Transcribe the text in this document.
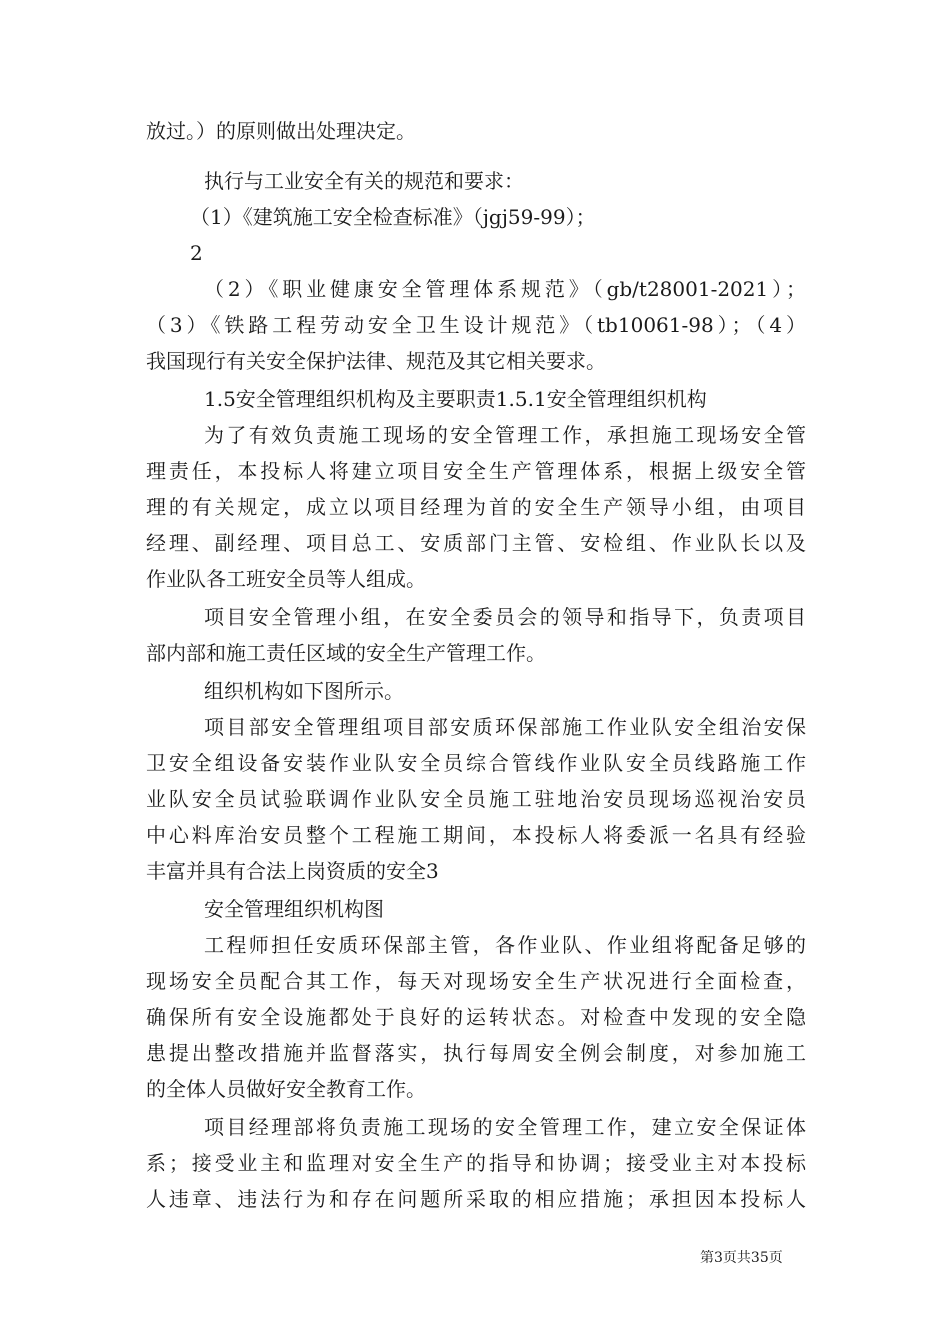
放过。）的原则做出处理决定。
执行与工业安全有关的规范和要求：
（1）《建筑施工安全检查标准》（jgj59-99）；
2
（2）《职业健康安全管理体系规范》（gb/t28001-2021）；
（3）《铁路工程劳动安全卫生设计规范》（tb10061-98）；（4）
我国现行有关安全保护法律、规范及其它相关要求。
1.5安全管理组织机构及主要职责1.5.1安全管理组织机构
为了有效负责施工现场的安全管理工作，承担施工现场安全管
理责任，本投标人将建立项目安全生产管理体系，根据上级安全管
理的有关规定，成立以项目经理为首的安全生产领导小组，由项目
经理、副经理、项目总工、安质部门主管、安检组、作业队长以及
作业队各工班安全员等人组成。
项目安全管理小组，在安全委员会的领导和指导下，负责项目
部内部和施工责任区域的安全生产管理工作。
组织机构如下图所示。
项目部安全管理组项目部安质环保部施工作业队安全组治安保
卫安全组设备安装作业队安全员综合管线作业队安全员线路施工作
业队安全员试验联调作业队安全员施工驻地治安员现场巡视治安员
中心料库治安员整个工程施工期间，本投标人将委派一名具有经验
丰富并具有合法上岗资质的安全3
安全管理组织机构图
工程师担任安质环保部主管，各作业队、作业组将配备足够的
现场安全员配合其工作，每天对现场安全生产状况进行全面检查，
确保所有安全设施都处于良好的运转状态。对检查中发现的安全隐
患提出整改措施并监督落实，执行每周安全例会制度，对参加施工
的全体人员做好安全教育工作。
项目经理部将负责施工现场的安全管理工作，建立安全保证体
系；接受业主和监理对安全生产的指导和协调；接受业主对本投标
人违章、违法行为和存在问题所采取的相应措施；承担因本投标人
第3页共35页
